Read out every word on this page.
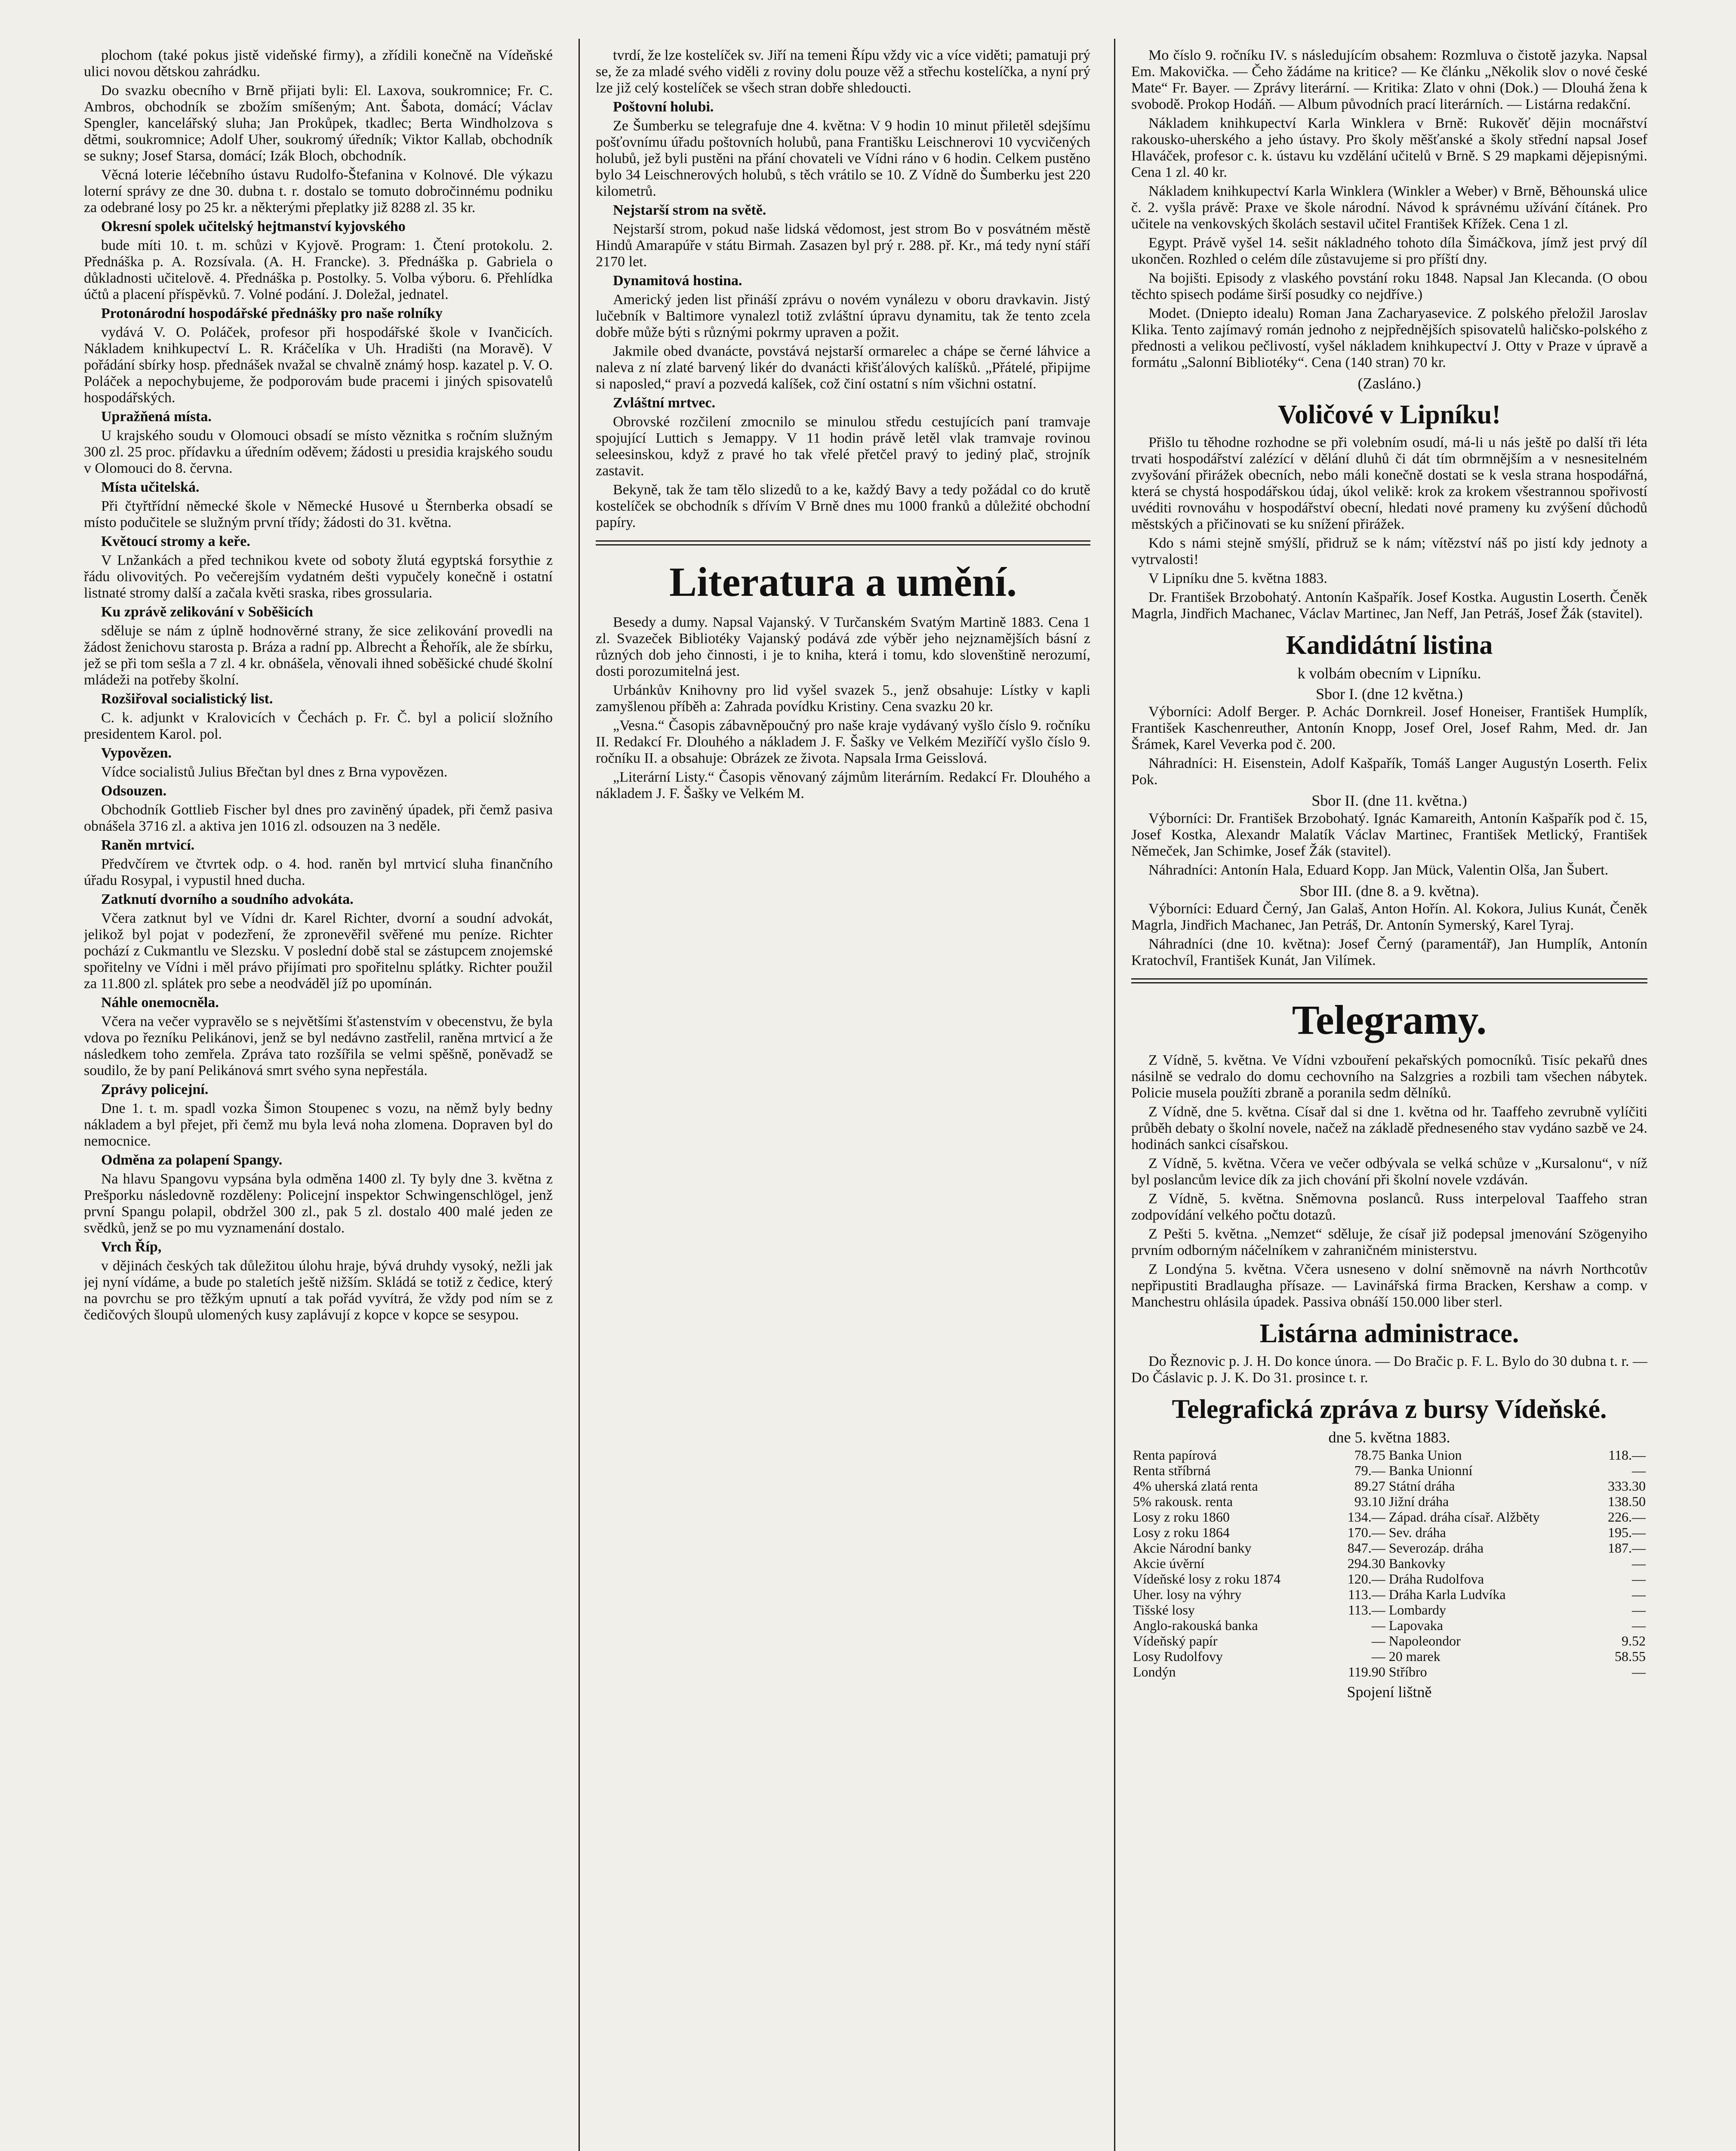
plochom (také pokus jistě videňské firmy), a zřídili konečně na Vídeňské ulici novou dětskou zahrádku.

Do svazku obecního v Brně přijati byli: El. Laxova, soukromnice; Fr. C. Ambros, obchodník se zbožím smíšeným; Ant. Šabota, domácí; Václav Spengler, kancelářský sluha; Jan Prokůpek, tkadlec; Berta Windholzova s dětmi, soukromnice; Adolf Uher, soukromý úředník; Viktor Kallab, obchodník se sukny; Josef Starsa, domácí; Izák Bloch, obchodník.

Věcná loterie léčebního ústavu Rudolfo-Štefanina v Kolnové. Dle výkazu loterní správy ze dne 30. dubna t. r. dostalo se tomuto dobročinnému podniku za odebrané losy po 25 kr. a některými přeplatky již 8288 zl. 35 kr.

Okresní spolek učitelský hejtmanství kyjovského

bude míti 10. t. m. schůzi v Kyjově. Program: 1. Čtení protokolu. 2. Přednáška p. A. Rozsívala. (A. H. Francke). 3. Přednáška p. Gabriela o důkladnosti učitelově. 4. Přednáška p. Postolky. 5. Volba výboru. 6. Přehlídka účtů a placení příspěvků. 7. Volné podání. J. Doležal, jednatel.

Protonárodní hospodářské přednášky pro naše rolníky

vydává V. O. Poláček, profesor při hospodářské škole v Ivančicích. Nákladem knihkupectví L. R. Kráčelíka v Uh. Hradišti (na Moravě). V pořádání sbírky hosp. přednášek nvažal se chvalně známý hosp. kazatel p. V. O. Poláček a nepochybujeme, že podporovám bude pracemi i jiných spisovatelů hospodářských.

Upražňená místa.

U krajského soudu v Olomouci obsadí se místo věznitka s ročním služným 300 zl. 25 proc. přídavku a úředním oděvem; žádosti u presidia krajského soudu v Olomouci do 8. června.

Místa učitelská.

Při čtyřtřídní německé škole v Německé Husové u Šternberka obsadí se místo podučitele se služným první třídy; žádosti do 31. května.

Květoucí stromy a keře.

V Lnžankách a před technikou kvete od soboty žlutá egyptská forsythie z řádu olivovitých. Po večerejším vydatném dešti vypučely konečně i ostatní listnaté stromy další a začala květi sraska, ribes grossularia.

Ku zprávě zelikování v Soběšicích

sděluje se nám z úplně hodnověrné strany, že sice zelikování provedli na žádost ženichovu starosta p. Bráza a radní pp. Albrecht a Řehořík, ale že sbírku, jež se při tom sešla a 7 zl. 4 kr. obnášela, věnovali ihned soběšické chudé školní mládeži na potřeby školní.

Rozšiřoval socialistický list.

C. k. adjunkt v Kralovicích v Čechách p. Fr. Č. byl a policií složního presidentem Karol. pol.

Vypovězen.

Vídce socialistů Julius Břečtan byl dnes z Brna vypovězen.

Odsouzen.

Obchodník Gottlieb Fischer byl dnes pro zaviněný úpadek, při čemž pasiva obnášela 3716 zl. a aktiva jen 1016 zl. odsouzen na 3 neděle.

Raněn mrtvicí.

Předvčírem ve čtvrtek odp. o 4. hod. raněn byl mrtvicí sluha finančního úřadu Rosypal, i vypustil hned ducha.

Zatknutí dvorního a soudního advokáta.

Včera zatknut byl ve Vídni dr. Karel Richter, dvorní a soudní advokát, jelikož byl pojat v podezření, že zpronevěřil svěřené mu peníze. Richter pochází z Cukmantlu ve Slezsku. V poslední době stal se zástupcem znojemské spořitelny ve Vídni i měl právo přijímati pro spořitelnu splátky. Richter použil za 11.800 zl. splátek pro sebe a neodváděl jíž po upomínán.

Náhle onemocněla.

Včera na večer vypravělo se s největšími šťastenstvím v obecenstvu, že byla vdova po řezníku Pelikánovi, jenž se byl nedávno zastřelil, raněna mrtvicí a že následkem toho zemřela. Zpráva tato rozšířila se velmi spěšně, poněvadž se soudilo, že by paní Pelikánová smrt svého syna nepřestála.

Zprávy policejní.

Dne 1. t. m. spadl vozka Šimon Stoupenec s vozu, na němž byly bedny nákladem a byl přejet, při čemž mu byla levá noha zlomena. Dopraven byl do nemocnice.

Odměna za polapení Spangy.

Na hlavu Spangovu vypsána byla odměna 1400 zl. Ty byly dne 3. května z Prešporku následovně rozděleny: Policejní inspektor Schwingenschlögel, jenž první Spangu polapil, obdržel 300 zl., pak 5 zl. dostalo 400 malé jeden ze svědků, jenž se po mu vyznamenání dostalo.

Vrch Říp,

v dějinách českých tak důležitou úlohu hraje, bývá druhdy vysoký, nežli jak jej nyní vídáme, a bude po staletích ještě nižším. Skládá se totiž z čedice, který na povrchu se pro těžkým upnutí a tak pořád vyvítrá, že vždy pod ním se z čedičových šloupů ulomených kusy zaplávují z kopce v kopce se sesypou.

tvrdí, že lze kostelíček sv. Jiří na temeni Řípu vždy vic a více viděti; pamatuji prý se, že za mladé svého viděli z roviny dolu pouze věž a střechu kostelíčka, a nyní prý lze již celý kostelíček se všech stran dobře shledoucti.

Poštovní holubi.

Ze Šumberku se telegrafuje dne 4. května: V 9 hodin 10 minut přiletěl sdejšímu pošťovnímu úřadu poštovních holubů, pana Františku Leischnerovi 10 vycvičených holubů, jež byli pustěni na přání chovateli ve Vídni ráno v 6 hodin. Celkem pustěno bylo 34 Leischnerových holubů, s těch vrátilo se 10. Z Vídně do Šumberku jest 220 kilometrů.

Nejstarší strom na světě.

Nejstarší strom, pokud naše lidská vědomost, jest strom Bo v posvátném městě Hindů Amarapúře v státu Birmah. Zasazen byl prý r. 288. př. Kr., má tedy nyní stáří 2170 let.

Dynamitová hostina.

Americký jeden list přináší zprávu o novém vynálezu v oboru dravkavin. Jistý lučebník v Baltimore vynalezl totiž zvláštní úpravu dynamitu, tak že tento zcela dobře může býti s různými pokrmy upraven a požit.

Jakmile obed dvanácte, povstává nejstarší ormarelec a chápe se černé láhvice a naleva z ní zlaté barvený likér do dvanácti křišťálových kalíšků. „Přátelé, připijme si naposled,“ praví a pozvedá kalíšek, což činí ostatní s ním všichni ostatní.

Zvláštní mrtvec.

Obrovské rozčilení zmocnilo se minulou středu cestujících paní tramvaje spojující Luttich s Jemappy. V 11 hodin právě letěl vlak tramvaje rovinou seleesinskou, když z pravé ho tak vřelé přetčel pravý to jediný plač, strojník zastavit.

Bekyně, tak že tam tělo slizedů to a ke, každý Bavy a tedy požádal co do krutě kostelíček se obchodník s dřívím V Brně dnes mu 1000 franků a důležité obchodní papíry.

Literatura a umění.

Besedy a dumy. Napsal Vajanský. V Turčanském Svatým Martině 1883. Cena 1 zl. Svazeček Bibliotéky Vajanský podává zde výběr jeho nejznamějších básní z různých dob jeho činnosti, i je to kniha, která i tomu, kdo slovenštině nerozumí, dosti porozumitelná jest.

Urbánkův Knihovny pro lid vyšel svazek 5., jenž obsahuje: Lístky v kapli zamyšlenou příběh a: Zahrada povídku Kristiny. Cena svazku 20 kr.

„Vesna.“ Časopis zábavněpoučný pro naše kraje vydávaný vyšlo číslo 9. ročníku II. Redakcí Fr. Dlouhého a nákladem J. F. Šašky ve Velkém Meziříčí vyšlo číslo 9. ročníku II. a obsahuje: Obrázek ze života. Napsala Irma Geisslová.

„Literární Listy.“ Časopis věnovaný zájmům literárním. Redakcí Fr. Dlouhého a nákladem J. F. Šašky ve Velkém M.

Mo číslo 9. ročníku IV. s následujícím obsahem: Rozmluva o čistotě jazyka. Napsal Em. Makovička. — Čeho žádáme na kritice? — Ke článku „Několik slov o nové české Mate“ Fr. Bayer. — Zprávy literární. — Kritika: Zlato v ohni (Dok.) — Dlouhá žena k svobodě. Prokop Hodáň. — Album původních prací literárních. — Listárna redakční.

Nákladem knihkupectví Karla Winklera v Brně: Rukověť dějin mocnářství rakousko-uherského a jeho ústavy. Pro školy měšťanské a školy střední napsal Josef Hlaváček, profesor c. k. ústavu ku vzdělání učitelů v Brně. S 29 mapkami dějepisnými. Cena 1 zl. 40 kr.

Nákladem knihkupectví Karla Winklera (Winkler a Weber) v Brně, Běhounská ulice č. 2. vyšla právě: Praxe ve škole národní. Návod k správnému užívání čítánek. Pro učitele na venkovských školách sestavil učitel František Křížek. Cena 1 zl.

Egypt. Právě vyšel 14. sešit nákladného tohoto díla Šimáčkova, jímž jest prvý díl ukončen. Rozhled o celém díle zůstavujeme si pro příští dny.

Na bojišti. Episody z vlaského povstání roku 1848. Napsal Jan Klecanda. (O obou těchto spisech podáme širší posudky co nejdříve.)

Modet. (Dniepto idealu) Roman Jana Zacharyasevice. Z polského přeložil Jaroslav Klika. Tento zajímavý román jednoho z nejpřednějších spisovatelů haličsko-polského z přednosti a velikou pečlivostí, vyšel nákladem knihkupectví J. Otty v Praze v úpravě a formátu „Salonní Bibliotéky“. Cena (140 stran) 70 kr.

(Zasláno.)
Voličové v Lipníku!

Přišlo tu těhodne rozhodne se při volebním osudí, má-li u nás ještě po další tři léta trvati hospodářství zalézící v dělání dluhů či dát tím obrmnějším a v nesnesitelném zvyšování přirážek obecních, nebo máli konečně dostati se k vesla strana hospodářná, která se chystá hospodářskou údaj, úkol velikě: krok za krokem všestrannou spořivostí uvéditi rovnováhu v hospodářství obecní, hledati nové prameny ku zvýšení důchodů městských a přičinovati se ku snížení přirážek.

Kdo s námi stejně smýšlí, přidruž se k nám; vítězství náš po jistí kdy jednoty a vytrvalosti!

V Lipníku dne 5. května 1883.

Dr. František Brzobohatý. Antonín Kašpařík. Josef Kostka. Augustin Loserth. Čeněk Magrla, Jindřich Machanec, Václav Martinec, Jan Neff, Jan Petráš, Josef Žák (stavitel).

Kandidátní listina
k volbám obecním v Lipníku.
Sbor I. (dne 12 května.)

Výborníci: Adolf Berger. P. Achác Dornkreil. Josef Honeiser, František Humplík, František Kaschenreuther, Antonín Knopp, Josef Orel, Josef Rahm, Med. dr. Jan Šrámek, Karel Veverka pod č. 200.

Náhradníci: H. Eisenstein, Adolf Kašpařík, Tomáš Langer Augustýn Loserth. Felix Pok.

Sbor II. (dne 11. května.)

Výborníci: Dr. František Brzobohatý. Ignác Kamareith, Antonín Kašpařík pod č. 15, Josef Kostka, Alexandr Malatík Václav Martinec, František Metlický, František Němeček, Jan Schimke, Josef Žák (stavitel).

Náhradníci: Antonín Hala, Eduard Kopp. Jan Mück, Valentin Olša, Jan Šubert.

Sbor III. (dne 8. a 9. května).

Výborníci: Eduard Černý, Jan Galaš, Anton Hořín. Al. Kokora, Julius Kunát, Čeněk Magrla, Jindřich Machanec, Jan Petráš, Dr. Antonín Symerský, Karel Tyraj.

Náhradníci (dne 10. května): Josef Černý (paramentář), Jan Humplík, Antonín Kratochvíl, František Kunát, Jan Vilímek.

Telegramy.

Z Vídně, 5. května. Ve Vídni vzbouření pekařských pomocníků. Tisíc pekařů dnes násilně se vedralo do domu cechovního na Salzgries a rozbili tam všechen nábytek. Policie musela použíti zbraně a poranila sedm dělníků.

Z Vídně, dne 5. května. Císař dal si dne 1. května od hr. Taaffeho zevrubně vylíčiti průběh debaty o školní novele, načež na základě předneseného stav vydáno sazbě ve 24. hodinách sankci císařskou.

Z Vídně, 5. května. Včera ve večer odbývala se velká schůze v „Kursalonu“, v níž byl poslancům levice dík za jich chování při školní novele vzdáván.

Z Vídně, 5. května. Sněmovna poslanců. Russ interpeloval Taaffeho stran zodpovídání velkého počtu dotazů.

Z Pešti 5. května. „Nemzet“ sděluje, že císař již podepsal jmenování Szögenyiho prvním odborným náčelníkem v zahraničném ministerstvu.

Z Londýna 5. května. Včera usneseno v dolní sněmovně na návrh Northcotův nepřipustiti Bradlaugha přísaze. — Lavinářská firma Bracken, Kershaw a comp. v Manchestru ohlásila úpadek. Passiva obnáší 150.000 liber sterl.

Listárna administrace.

Do Řeznovic p. J. H. Do konce února. — Do Bračic p. F. L. Bylo do 30 dubna t. r. — Do Čáslavic p. J. K. Do 31. prosince t. r.

Telegrafická zpráva z bursy Vídeňské.
dne 5. května 1883.
Renta papírová	78.75	Banka Union	118.—
Renta stříbrná	79.—	Banka Unionní	—
4% uherská zlatá renta	89.27	Státní dráha	333.30
5% rakousk. renta	93.10	Jižní dráha	138.50
Losy z roku 1860	134.—	Západ. dráha císař. Alžběty	226.—
Losy z roku 1864	170.—	Sev. dráha	195.—
Akcie Národní banky	847.—	Severozáp. dráha	187.—
Akcie úvěrní	294.30	Bankovky	—
Vídeňské losy z roku 1874	120.—	Dráha Rudolfova	—
Uher. losy na výhry	113.—	Dráha Karla Ludvíka	—
Tišské losy	113.—	Lombardy	—
Anglo-rakouská banka	—	Lapovaka	—
Vídeňský papír	—	Napoleondor	9.52
Losy Rudolfovy	—	20 marek	58.55
Londýn	119.90	Stříbro	—
Spojení lištně
